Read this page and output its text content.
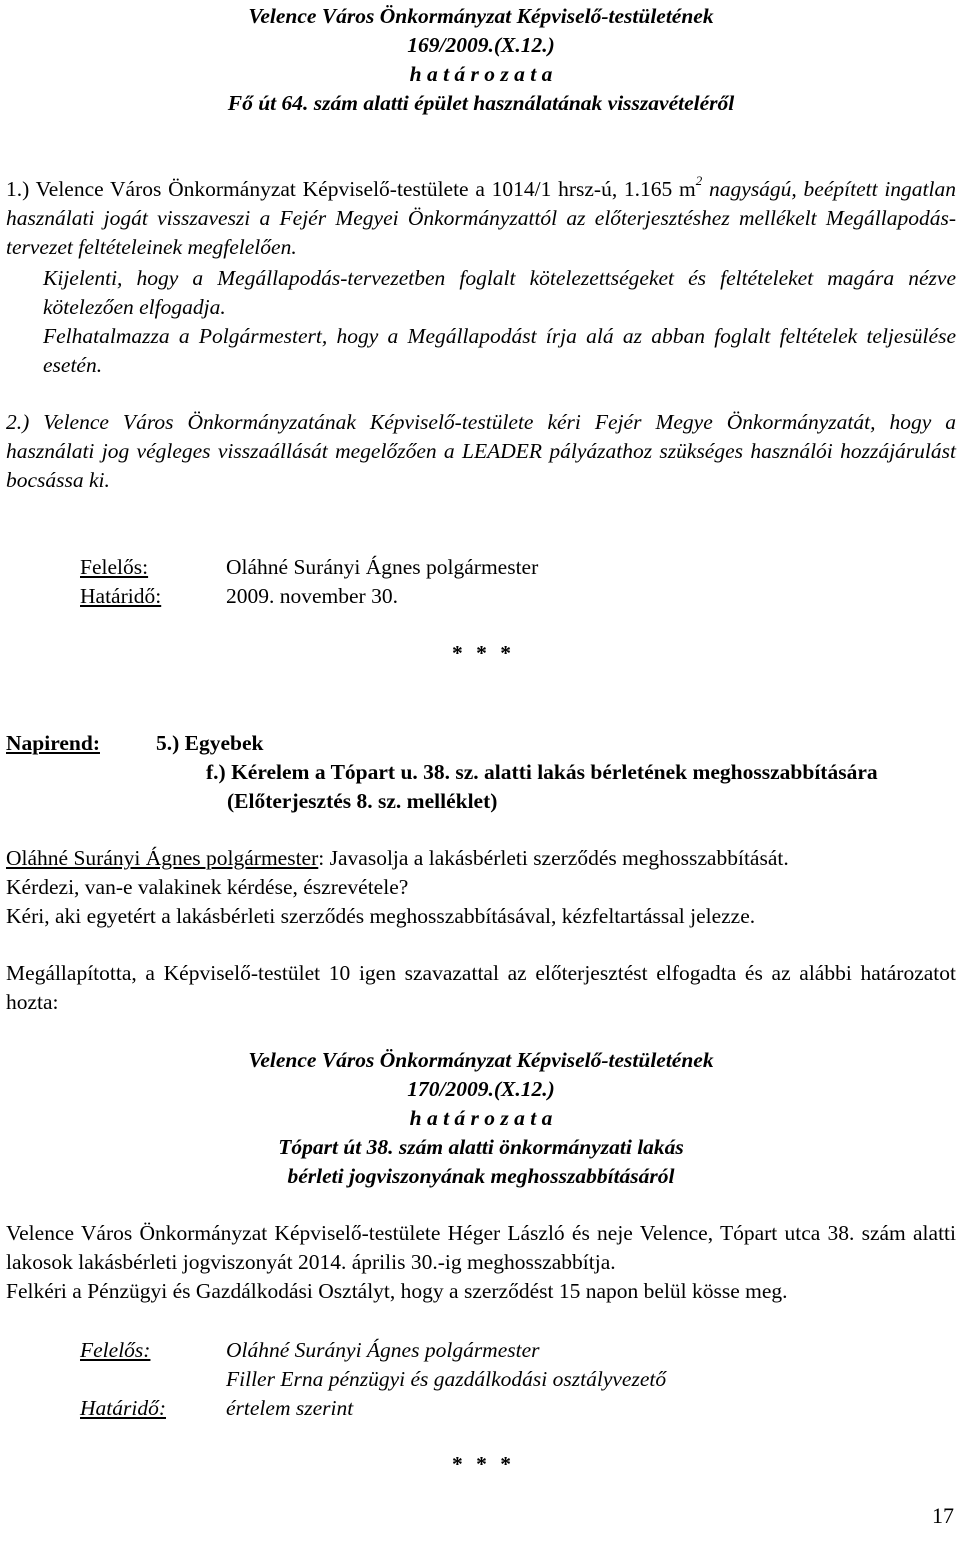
Velence Város Önkormányzat Képviselő-testületének
169/2009.(X.12.)
h a t á r o z a t a
Fő út 64. szám alatti épület használatának visszavételéről
1.) Velence Város Önkormányzat Képviselő-testülete a 1014/1 hrsz-ú, 1.165 $m^2$ nagyságú, beépített ingatlan használati jogát visszaveszi a Fejér Megyei Önkormányzattól az előterjesztéshez mellékelt Megállapodás-tervezet feltételeinek megfelelően.
Kijelenti, hogy a Megállapodás-tervezetben foglalt kötelezettségeket és feltételeket magára nézve kötelezően elfogadja.
Felhatalmazza a Polgármestert, hogy a Megállapodást írja alá az abban foglalt feltételek teljesülése esetén.
2.) Velence Város Önkormányzatának Képviselő-testülete kéri Fejér Megye Önkormányzatát, hogy a használati jog végleges visszaállását megelőzően a LEADER pályázathoz szükséges használói hozzájárulást bocsássa ki.
Felelős:	Oláhné Surányi Ágnes polgármester
Határidő:	2009. november 30.
* * *
Napirend:	5.) Egyebek
f.) Kérelem a Tópart u. 38. sz. alatti lakás bérletének meghosszabbítására
(Előterjesztés 8. sz. melléklet)
Oláhné Surányi Ágnes polgármester: Javasolja a lakásbérleti szerződés meghosszabbítását.
Kérdezi, van-e valakinek kérdése, észrevétele?
Kéri, aki egyetért a lakásbérleti szerződés meghosszabbításával, kézfeltartással jelezze.
Megállapította, a Képviselő-testület 10 igen szavazattal az előterjesztést elfogadta és az alábbi határozatot hozta:
Velence Város Önkormányzat Képviselő-testületének
170/2009.(X.12.)
h a t á r o z a t a
Tópart út 38. szám alatti önkormányzati lakás
bérleti jogviszonyának meghosszabbításáról
Velence Város Önkormányzat Képviselő-testülete Héger László és neje Velence, Tópart utca 38. szám alatti lakosok lakásbérleti jogviszonyát 2014. április 30.-ig meghosszabbítja.
Felkéri a Pénzügyi és Gazdálkodási Osztályt, hogy a szerződést 15 napon belül kösse meg.
Felelős:	Oláhné Surányi Ágnes polgármester
Filler Erna pénzügyi és gazdálkodási osztályvezető
Határidő:	értelem szerint
* * *
17
